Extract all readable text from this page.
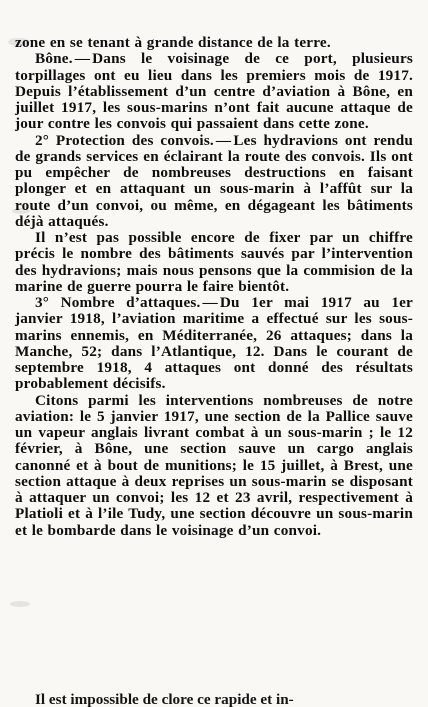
zone en se tenant à grande distance de la terre.

Bône. — Dans le voisinage de ce port, plusieurs torpillages ont eu lieu dans les premiers mois de 1917. Depuis l’établissement d’un centre d’aviation à Bône, en juillet 1917, les sous-marins n’ont fait aucune attaque de jour contre les convois qui passaient dans cette zone.

2° Protection des convois. — Les hydravions ont rendu de grands services en éclairant la route des convois. Ils ont pu empêcher de nombreuses destructions en faisant plonger et en attaquant un sous-marin à l’affût sur la route d’un convoi, ou même, en dégageant les bâtiments déjà attaqués.

Il n’est pas possible encore de fixer par un chiffre précis le nombre des bâtiments sauvés par l’intervention des hydravions; mais nous pensons que la commision de la marine de guerre pourra le faire bientôt.

3° Nombre d’attaques. — Du 1er mai 1917 au 1er janvier 1918, l’aviation maritime a effectué sur les sous-marins ennemis, en Méditerranée, 26 attaques; dans la Manche, 52; dans l’Atlantique, 12. Dans le courant de septembre 1918, 4 attaques ont donné des résultats probablement décisifs.

Citons parmi les interventions nombreuses de notre aviation: le 5 janvier 1917, une section de la Pallice sauve un vapeur anglais livrant combat à un sous-marin ; le 12 février, à Bône, une section sauve un cargo anglais canonné et à bout de munitions; le 15 juillet, à Brest, une section attaque à deux reprises un sous-marin se disposant à attaquer un convoi; les 12 et 23 avril, respectivement à Platioli et à l’ile Tudy, une section découvre un sous-marin et le bombarde dans le voisinage d’un convoi.

Il est impossible de clore ce rapide et in-
